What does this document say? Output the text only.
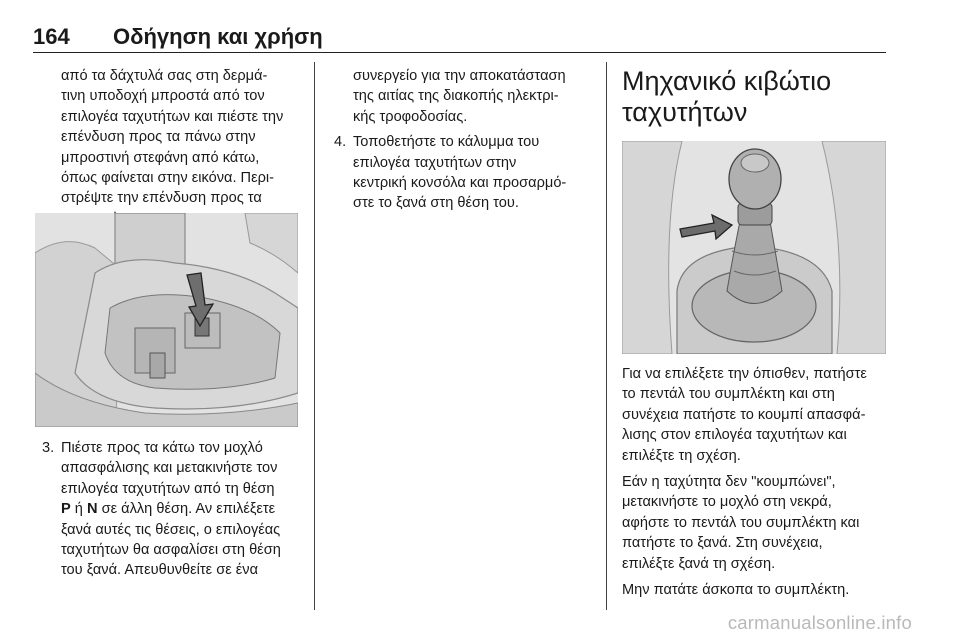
164 Οδήγηση και χρήση
από τα δάχτυλά σας στη δερμά-
τινη υποδοχή μπροστά από τον
επιλογέα ταχυτήτων και πιέστε την
επένδυση προς τα πάνω στην
μπροστινή στεφάνη από κάτω,
όπως φαίνεται στην εικόνα. Περι-
στρέψτε την επένδυση προς τα
3. Πιέστε προς τα κάτω τον μοχλό
απασφάλισης και μετακινήστε τον
επιλογέα ταχυτήτων από τη θέση
P ή N σε άλλη θέση. Αν επιλέξετε
ξανά αυτές τις θέσεις, ο επιλογέας
ταχυτήτων θα ασφαλίσει στη θέση
του ξανά. Απευθυνθείτε σε ένα
συνεργείο για την αποκατάσταση
της αιτίας της διακοπής ηλεκτρι-
κής τροφοδοσίας.
4. Τοποθετήστε το κάλυμμα του
επιλογέα ταχυτήτων στην
κεντρική κονσόλα και προσαρμό-
στε το ξανά στη θέση του.
Μηχανικό κιβώτιο
ταχυτήτων

Για να επιλέξετε την όπισθεν, πατήστε
το πεντάλ του συμπλέκτη και στη
συνέχεια πατήστε το κουμπί απασφά-
λισης στον επιλογέα ταχυτήτων και
επιλέξτε τη σχέση.

Εάν η ταχύτητα δεν "κουμπώνει",
μετακινήστε το μοχλό στη νεκρά,
αφήστε το πεντάλ του συμπλέκτη και
πατήστε το ξανά. Στη συνέχεια,
επιλέξτε ξανά τη σχέση.

Μην πατάτε άσκοπα το συμπλέκτη.

carmanualsonline.info
